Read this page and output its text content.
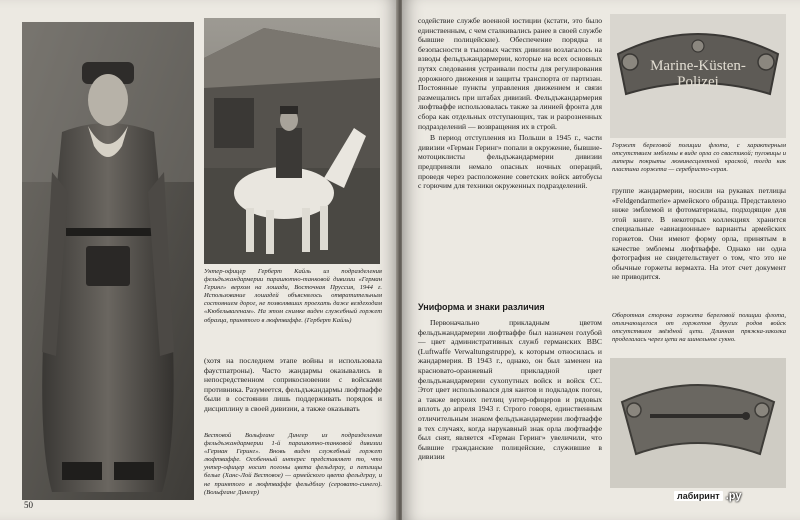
Унтер-офицер Герберт Кайль из подразделения фельдъжандармерии парашютно-танковой дивизии «Герман Геринг» верхом на лошади, Восточная Пруссия, 1944 г. Использование лошадей объяснялось отвратительным состоянием дорог, не позволявших проехать даже вездеходам «Кюбельвагенам». На этом снимке виден служебный горжет образца, принятого в люфтваффе. (Герберт Кайль)

(хотя на последнем этапе войны и использовала фаустпатроны). Часто жандармы оказывались в непосредственном соприкосновении с войсками противника. Разумеется, фельдъжандармы люфтваффе были в состоянии лишь поддерживать порядок и дисциплину в своей дивизии, а также оказывать

Вестовой Вольфганг Дингер из подразделения фельдъжандармерии 1-й парашютно-танковой дивизии «Герман Геринг». Вновь виден служебный горжет люфтваффе. Особенный интерес представляет то, что унтер-офицер носит погоны цвета фельдграу, а петлицы белые (Ханс-Лой Вестовое) — армейского цвета фельдграу, и не принятого в люфтваффе фельдблау (серовато-синего). (Вольфганг Дингер)
50

содействие службе военной юстиции (кстати, это было единственным, с чем сталкивались ранее в своей службе бывшие полицейские). Обеспечение порядка и безопасности в тыловых частях дивизии возлагалось на взводы фельдъжандармерии, которые на всех основных путях следования устраивали посты для регулирования дорожного движения и защиты транспорта от партизан. Постоянные пункты управления движением и связи размещались при штабах дивизий. Фельдъжандармерия люфтваффе использовалась также за линией фронта для сбора как отдельных отступающих, так и разрозненных подразделений — возвращения их в строй.

В период отступления из Польши в 1945 г., части дивизии «Герман Геринг» попали в окружение, бывшие-мотоциклисты фельдъжандармерии дивизии предприняли немало опасных ночных операций, проведя через расположение советских войск автобусы с горючим для техники окруженных подразделений.

Униформа и знаки различия

Первоначально прикладным цветом фельдъжандармерии люфтваффе был назначен голубой — цвет административных служб германских ВВС (Luftwaffe Verwaltungstruppe), к которым относилась и жандармерия. В 1943 г., однако, он был заменен на красновато-оранжевый прикладной цвет фельдъжандармерии сухопутных войск и войск СС. Этот цвет использовался для кантов и подкладок погон, а также верхних петлиц унтер-офицеров и рядовых вплоть до апреля 1943 г. Строго говоря, единственным отличительным знаком фельдъжандармерии люфтваффе в тех случаях, когда нарукавный знак орла люфтваффе был снят, является «Герман Геринг» увеличили, что бывшие гражданские полицейские, служившие в дивизии

Marine-Küsten-
Polizei
Горжет береговой полиции флота, с характерным отсутствием эмблемы в виде орла со свастикой; пуговицы и литеры покрыты люминесцентной краской, тогда как пластина горжета — серебристо-серая.

группе жандармерии, носили на рукавах петлицы «Feldgendarmerie» армейского образца. Представлено ниже эмблемой и фотоматериалы, подходящие для этой книге. В некоторых коллекциях хранится специальные «авиационные» варианты армейских горжетов. Они имеют форму орла, принятым в качестве эмблемы люфтваффе. Однако ни одна фотография не свидетельствует о том, что это не обычные горжеты вермахта. На этот счет документ не приводится.

Оборотная сторона горжета береговой полиции флота, отличающегося от горжетов других родов войск отсутствием звёздной цепи. Длинная пряжка-заколка проделалась через цепи на шинельное сукно.
лабиринт .ру
